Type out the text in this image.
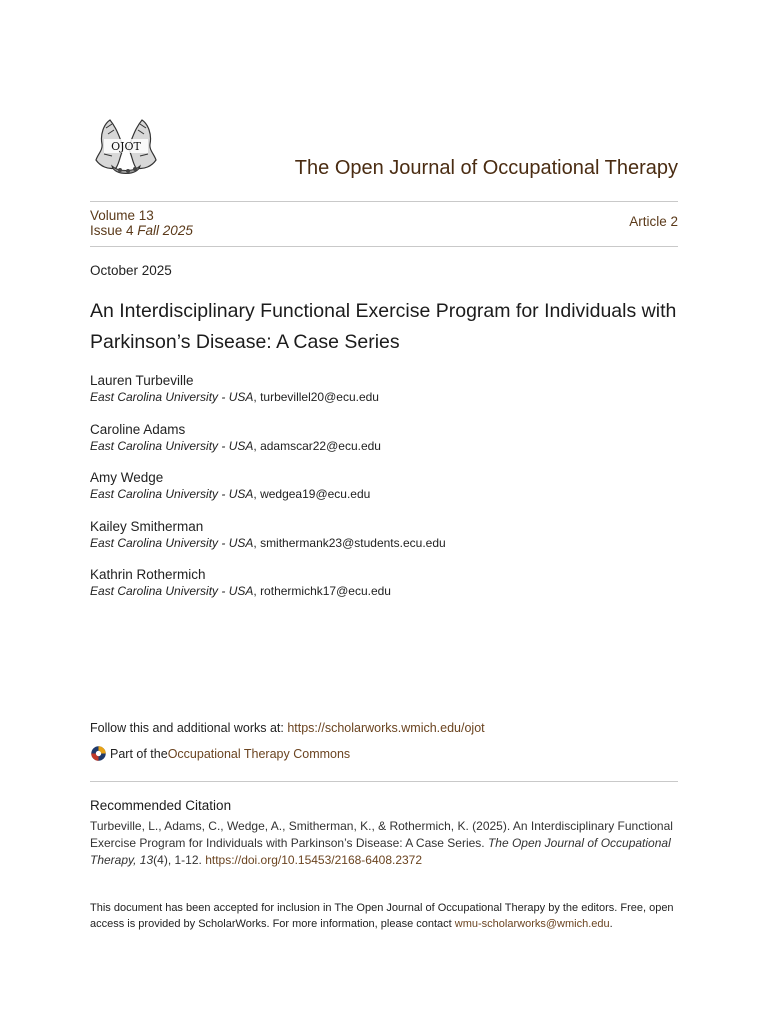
OJOT
The Open Journal of Occupational Therapy
Volume 13
Issue 4 Fall 2025
Article 2
October 2025
An Interdisciplinary Functional Exercise Program for Individuals with Parkinson’s Disease: A Case Series
Lauren Turbeville
East Carolina University - USA, turbevillel20@ecu.edu
Caroline Adams
East Carolina University - USA, adamscar22@ecu.edu
Amy Wedge
East Carolina University - USA, wedgea19@ecu.edu
Kailey Smitherman
East Carolina University - USA, smithermank23@students.ecu.edu
Kathrin Rothermich
East Carolina University - USA, rothermichk17@ecu.edu
Follow this and additional works at: https://scholarworks.wmich.edu/ojot
Part of the Occupational Therapy Commons
Recommended Citation
Turbeville, L., Adams, C., Wedge, A., Smitherman, K., & Rothermich, K. (2025). An Interdisciplinary Functional Exercise Program for Individuals with Parkinson’s Disease: A Case Series. The Open Journal of Occupational Therapy, 13(4), 1-12. https://doi.org/10.15453/2168-6408.2372
This document has been accepted for inclusion in The Open Journal of Occupational Therapy by the editors. Free, open access is provided by ScholarWorks. For more information, please contact wmu-scholarworks@wmich.edu.
